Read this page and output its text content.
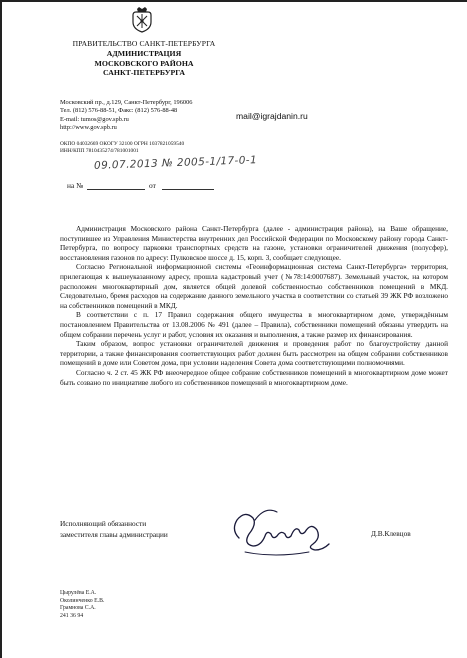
ПРАВИТЕЛЬСТВО САНКТ-ПЕТЕРБУРГА
АДМИНИСТРАЦИЯ
МОСКОВСКОГО РАЙОНА
САНКТ-ПЕТЕРБУРГА
Московский пр., д.129, Санкт-Петербург, 196006
Тел. (812) 576-88-51, Факс: (812) 576-88-48
E-mail: tumos@gov.spb.ru
http://www.gov.spb.ru
ОКПО 04032669 ОКОГУ 32100 ОГРН 1037821059540
ИНН/КПП 7810435274/781001001
09.07.2013 № 2005-1/17-0-1
на №	от
mail@igrajdanin.ru

Администрация Московского района Санкт-Петербурга (далее - администрация района), на Ваше обращение, поступившее из Управления Министерства внутренних дел Российской Федерации по Московскому району города Санкт-Петербурга, по вопросу парковки транспортных средств на газоне, установки ограничителей движения (полусфер), восстановления газонов по адресу: Пулковское шоссе д. 15, корп. 3, сообщает следующее.

Согласно Региональной информационной системы «Геоинформационная система Санкт-Петербурга» территория, прилегающая к вышеуказанному адресу, прошла кадастровый учет (№78:14:0007687). Земельный участок, на котором расположен многоквартирный дом, является общей долевой собственностью собственников помещений в МКД. Следовательно, бремя расходов на содержание данного земельного участка в соответствии со статьей 39 ЖК РФ возложено на собственников помещений в МКД.

В соответствии с п. 17 Правил содержания общего имущества в многоквартирном доме, утверждённым постановлением Правительства от 13.08.2006 № 491 (далее – Правила), собственники помещений обязаны утвердить на общем собрании перечень услуг и работ, условия их оказания и выполнения, а также размер их финансирования.

Таким образом, вопрос установки ограничителей движения и проведения работ по благоустройству данной территории, а также финансирования соответствующих работ должен быть рассмотрен на общем собрании собственников помещений в доме или Советом дома, при условии наделения Совета дома соответствующими полномочиями.

Согласно ч. 2 ст. 45 ЖК РФ внеочередное общее собрание собственников помещений в многоквартирном доме может быть созвано по инициативе любого из собственников помещений в многоквартирном доме.

Исполняющий обязанности
заместителя главы администрации	Д.В.Клевцов
Цырулёва Е.А.
Околинченко Е.В.
Грамнова С.А.
241 36 94
